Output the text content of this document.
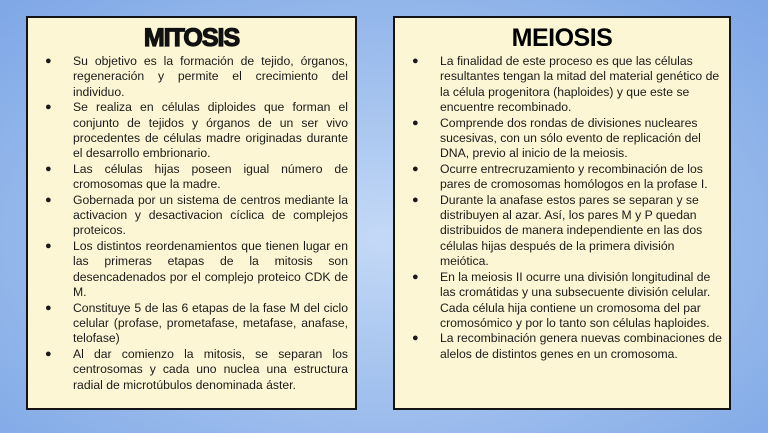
MITOSIS
● Su objetivo es la formación de tejido, órganos, regeneración y permite el crecimiento del individuo.
● Se realiza en células diploides que forman el conjunto de tejidos y órganos de un ser vivo procedentes de células madre originadas durante el desarrollo embrionario.
● Las células hijas poseen igual número de cromosomas que la madre.
● Gobernada por un sistema de centros mediante la activacion y desactivacion cíclica de complejos proteicos.
● Los distintos reordenamientos que tienen lugar en las primeras etapas de la mitosis son desencadenados por el complejo proteico CDK de M.
● Constituye 5 de las 6 etapas de la fase M del ciclo celular (profase, prometafase, metafase, anafase, telofase)
● Al dar comienzo la mitosis, se separan los centrosomas y cada uno nuclea una estructura radial de microtúbulos denominada áster.
MEIOSIS
● La finalidad de este proceso es que las células resultantes tengan la mitad del material genético de la célula progenitora (haploides) y que este se encuentre recombinado.
● Comprende dos rondas de divisiones nucleares sucesivas, con un sólo evento de replicación del DNA, previo al inicio de la meiosis.
● Ocurre entrecruzamiento y recombinación de los pares de cromosomas homólogos en la profase I.
● Durante la anafase estos pares se separan y se distribuyen al azar. Así, los pares M y P quedan distribuidos de manera independiente en las dos células hijas después de la primera división meiótica.
● En la meiosis II ocurre una división longitudinal de las cromátidas y una subsecuente división celular. Cada célula hija contiene un cromosoma del par cromosómico y por lo tanto son células haploides.
● La recombinación genera nuevas combinaciones de alelos de distintos genes en un cromosoma.
